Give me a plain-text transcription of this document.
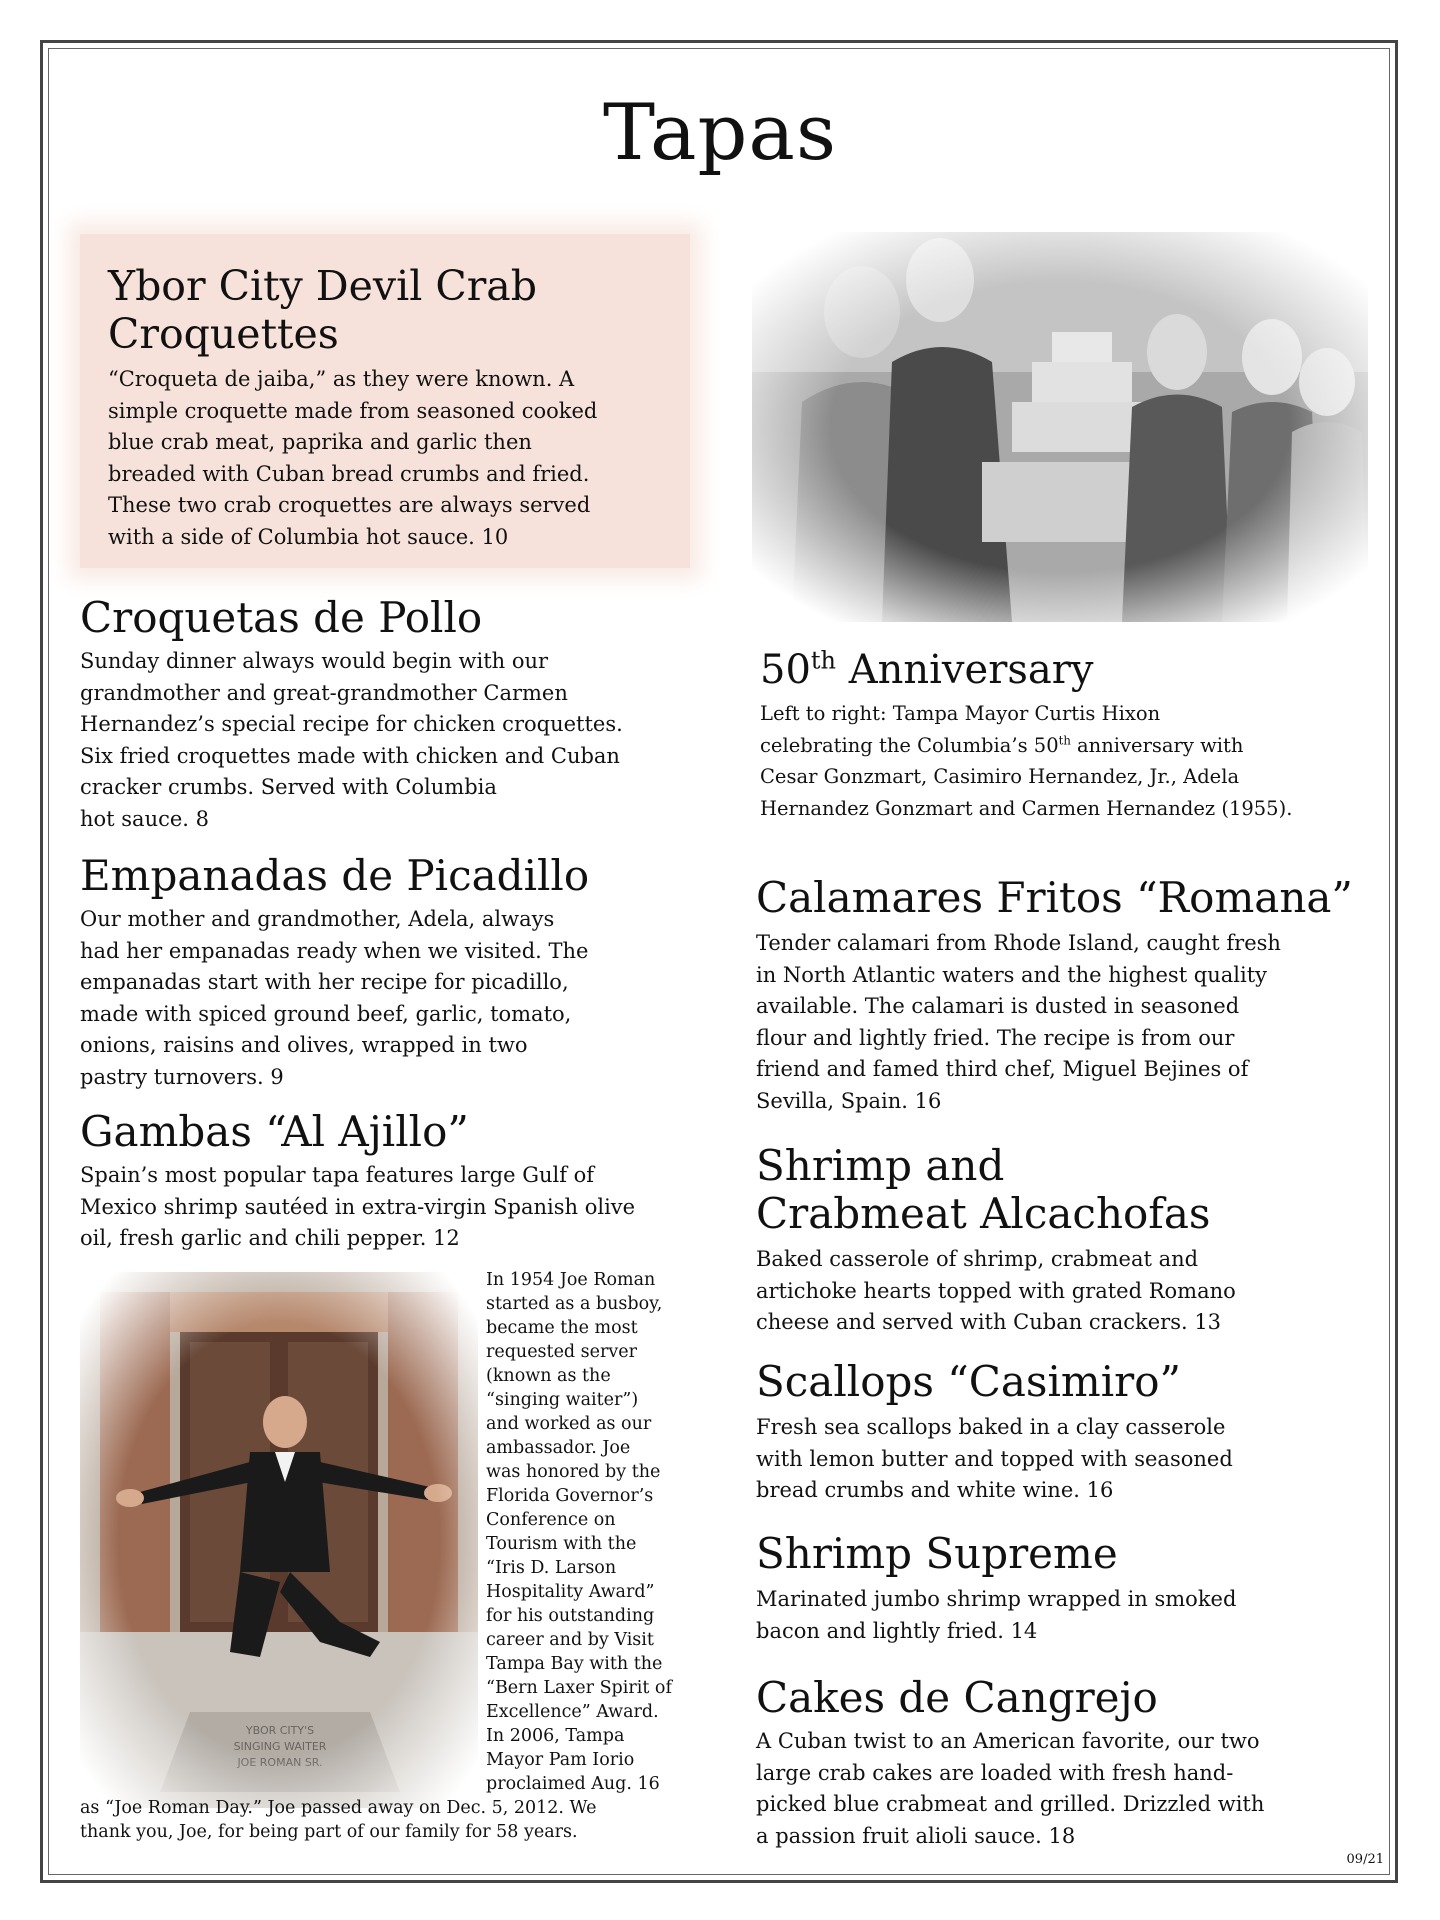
Tapas
Ybor City Devil Crab
Croquettes
“Croqueta de jaiba,” as they were known. A
simple croquette made from seasoned cooked
blue crab meat, paprika and garlic then
breaded with Cuban bread crumbs and fried.
These two crab croquettes are always served
with a side of Columbia hot sauce. 10
Croquetas de Pollo
Sunday dinner always would begin with our
grandmother and great-grandmother Carmen
Hernandez’s special recipe for chicken croquettes.
Six fried croquettes made with chicken and Cuban
cracker crumbs. Served with Columbia
hot sauce. 8
Empanadas de Picadillo
Our mother and grandmother, Adela, always
had her empanadas ready when we visited. The
empanadas start with her recipe for picadillo,
made with spiced ground beef, garlic, tomato,
onions, raisins and olives, wrapped in two
pastry turnovers. 9
Gambas “Al Ajillo”
Spain’s most popular tapa features large Gulf of
Mexico shrimp sautéed in extra-virgin Spanish olive
oil, fresh garlic and chili pepper. 12
50th Anniversary
Left to right: Tampa Mayor Curtis Hixon
celebrating the Columbia’s 50th anniversary with
Cesar Gonzmart, Casimiro Hernandez, Jr., Adela
Hernandez Gonzmart and Carmen Hernandez (1955).
Calamares Fritos “Romana”
Tender calamari from Rhode Island, caught fresh
in North Atlantic waters and the highest quality
available. The calamari is dusted in seasoned
flour and lightly fried. The recipe is from our
friend and famed third chef, Miguel Bejines of
Sevilla, Spain. 16
Shrimp and
Crabmeat Alcachofas
Baked casserole of shrimp, crabmeat and
artichoke hearts topped with grated Romano
cheese and served with Cuban crackers. 13
Scallops “Casimiro”
Fresh sea scallops baked in a clay casserole
with lemon butter and topped with seasoned
bread crumbs and white wine. 16
Shrimp Supreme
Marinated jumbo shrimp wrapped in smoked
bacon and lightly fried. 14
Cakes de Cangrejo
A Cuban twist to an American favorite, our two
large crab cakes are loaded with fresh hand-
picked blue crabmeat and grilled. Drizzled with
a passion fruit alioli sauce. 18
In 1954 Joe Roman
started as a busboy,
became the most
requested server
(known as the
“singing waiter”)
and worked as our
ambassador. Joe
was honored by the
Florida Governor’s
Conference on
Tourism with the
“Iris D. Larson
Hospitality Award”
for his outstanding
career and by Visit
Tampa Bay with the
“Bern Laxer Spirit of
Excellence” Award.
In 2006, Tampa
Mayor Pam Iorio
proclaimed Aug. 16
as “Joe Roman Day.” Joe passed away on Dec. 5, 2012. We
thank you, Joe, for being part of our family for 58 years.
09/21
